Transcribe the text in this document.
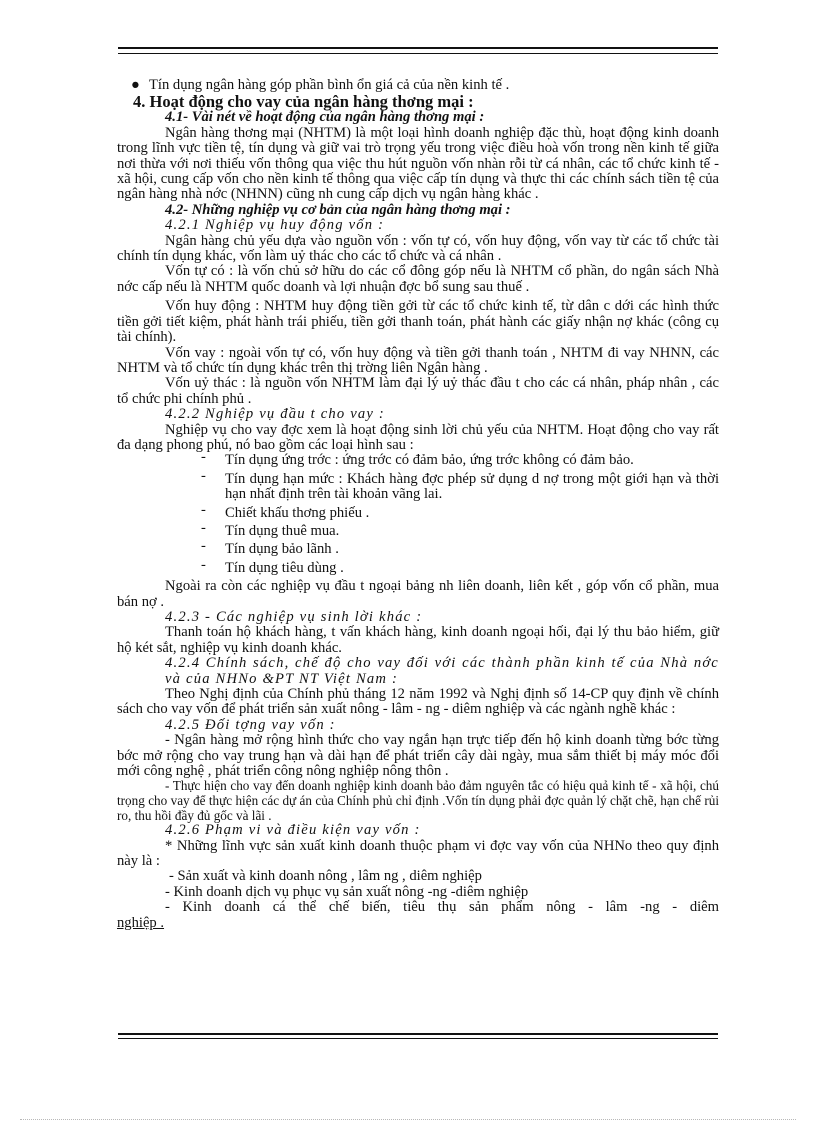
● Tín dụng ngân hàng góp phần bình ổn giá cả của nền kinh tế .

4. Hoạt động cho vay của ngân hàng thơng mại :

4.1- Vài nét về hoạt động của ngân hàng thơng mại :

Ngân hàng thơng mại (NHTM) là một loại hình doanh nghiệp đặc thù, hoạt động kinh doanh trong lĩnh vực tiền tệ, tín dụng và giữ vai trò trọng yếu trong việc điều hoà vốn trong nền kinh tế giữa nơi thừa với nơi thiếu vốn thông qua việc thu hút nguồn vốn nhàn rỗi từ cá nhân, các tổ chức kinh tế -xã hội, cung cấp vốn cho nền kinh tế thông qua việc cấp tín dụng và thực thi các chính sách tiền tệ của ngân hàng nhà nớc (NHNN) cũng nh cung cấp dịch vụ ngân hàng khác .

4.2- Những nghiệp vụ cơ bản của ngân hàng thơng mại :

4.2.1 Nghiệp vụ huy động vốn :

Ngân hàng chủ yếu dựa vào nguồn vốn : vốn tự có, vốn huy động, vốn vay từ các tổ chức tài chính tín dụng khác, vốn làm uỷ thác cho các tổ chức và cá nhân .

Vốn tự có : là vốn chủ sở hữu do các cổ đông góp nếu là NHTM cổ phần, do ngân sách Nhà nớc cấp nếu là NHTM quốc doanh và lợi nhuận đợc bổ sung sau thuế .

Vốn huy động : NHTM huy động tiền gởi từ các tổ chức kinh tế, từ dân c dới các hình thức tiền gởi tiết kiệm, phát hành trái phiếu, tiền gởi thanh toán, phát hành các giấy nhận nợ khác (công cụ tài chính).

Vốn vay : ngoài vốn tự có, vốn huy động và tiền gởi thanh toán , NHTM đi vay NHNN, các NHTM và tổ chức tín dụng khác trên thị trờng liên Ngân hàng .

Vốn uỷ thác : là nguồn vốn NHTM làm đại lý uỷ thác đầu t cho các cá nhân, pháp nhân , các tổ chức phi chính phủ .

4.2.2 Nghiệp vụ đầu t cho vay :

Nghiệp vụ cho vay đợc xem là hoạt động sinh lời chủ yếu của NHTM. Hoạt động cho vay rất đa dạng phong phú, nó bao gồm các loại hình sau :

- Tín dụng ứng trớc : ứng trớc có đảm bảo, ứng trớc không có đảm bảo.
- Tín dụng hạn mức : Khách hàng đợc phép sử dụng d nợ trong một giới hạn và thời hạn nhất định trên tài khoản vãng lai.
- Chiết khấu thơng phiếu .
- Tín dụng thuê mua.
- Tín dụng bảo lãnh .
- Tín dụng tiêu dùng .

Ngoài ra còn các nghiệp vụ đầu t ngoại bảng nh liên doanh, liên kết , góp vốn cổ phần, mua bán nợ .

4.2.3 - Các nghiệp vụ sinh lời khác :

Thanh toán hộ khách hàng, t vấn khách hàng, kinh doanh ngoại hối, đại lý thu bảo hiểm, giữ hộ két sắt, nghiệp vụ kinh doanh khác.

4.2.4 Chính sách, chế độ cho vay đối với các thành phần kinh tế của Nhà nớc và của NHNo &PT NT Việt Nam :

Theo Nghị định của Chính phủ tháng 12 năm 1992 và Nghị định số 14-CP quy định về chính sách cho vay vốn để phát triển sản xuất nông - lâm - ng - diêm nghiệp và các ngành nghề khác :

4.2.5 Đối tợng vay vốn :

- Ngân hàng mở rộng hình thức cho vay ngắn hạn trực tiếp đến hộ kinh doanh từng bớc từng bớc mở rộng cho vay trung hạn và dài hạn để phát triển cây dài ngày, mua sắm thiết bị máy móc đổi mới công nghệ , phát triển công nông nghiệp nông thôn .

- Thực hiện cho vay đến doanh nghiệp kinh doanh bảo đảm nguyên tắc có hiệu quả kinh tế - xã hội, chú trọng cho vay để thực hiện các dự án của Chính phủ chỉ định .Vốn tín dụng phải đợc quản lý chặt chẽ, hạn chế rủi ro, thu hồi đầy đủ gốc và lãi .

4.2.6 Phạm vi và điều kiện vay vốn :

* Những lĩnh vực sản xuất kinh doanh thuộc phạm vi đợc vay vốn của NHNo theo quy định này là :

- Sản xuất và kinh doanh nông , lâm ng , diêm nghiệp

- Kinh doanh dịch vụ phục vụ sản xuất nông -ng -diêm nghiệp

- Kinh doanh cá thể chế biến, tiêu thụ sản phẩm nông - lâm -ng - diêm

nghiệp .
